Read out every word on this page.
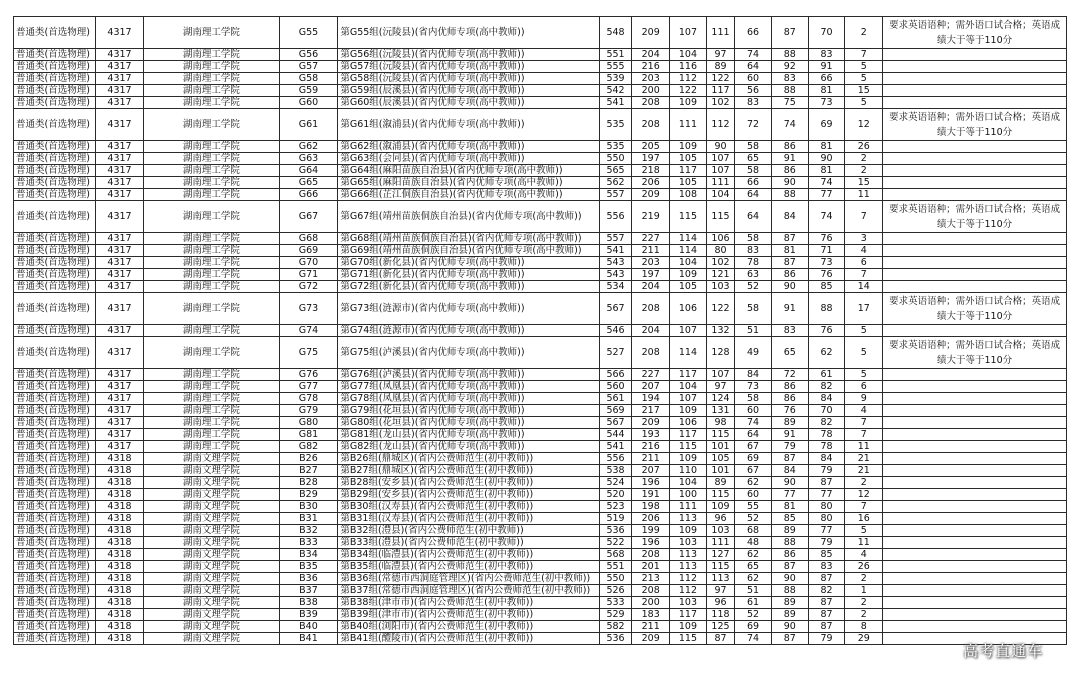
普通类(首选物理)	4317	湖南理工学院	G55	第G55组(沅陵县)(省内优师专项(高中教师))	548	209	107	111	66	87	70	2	要求英语语种；需外语口试合格；英语成绩大于等于110分
普通类(首选物理)	4317	湖南理工学院	G56	第G56组(沅陵县)(省内优师专项(高中教师))	551	204	104	97	74	88	83	7	
普通类(首选物理)	4317	湖南理工学院	G57	第G57组(沅陵县)(省内优师专项(高中教师))	555	216	116	89	64	92	91	5	
普通类(首选物理)	4317	湖南理工学院	G58	第G58组(沅陵县)(省内优师专项(高中教师))	539	203	112	122	60	83	66	5	
普通类(首选物理)	4317	湖南理工学院	G59	第G59组(辰溪县)(省内优师专项(高中教师))	542	200	122	117	56	88	81	15	
普通类(首选物理)	4317	湖南理工学院	G60	第G60组(辰溪县)(省内优师专项(高中教师))	541	208	109	102	83	75	73	5	
普通类(首选物理)	4317	湖南理工学院	G61	第G61组(溆浦县)(省内优师专项(高中教师))	535	208	111	112	72	74	69	12	要求英语语种；需外语口试合格；英语成绩大于等于110分
普通类(首选物理)	4317	湖南理工学院	G62	第G62组(溆浦县)(省内优师专项(高中教师))	535	205	109	90	58	86	81	26	
普通类(首选物理)	4317	湖南理工学院	G63	第G63组(会同县)(省内优师专项(高中教师))	550	197	105	107	65	91	90	2	
普通类(首选物理)	4317	湖南理工学院	G64	第G64组(麻阳苗族自治县)(省内优师专项(高中教师))	565	218	117	107	58	86	81	2	
普通类(首选物理)	4317	湖南理工学院	G65	第G65组(麻阳苗族自治县)(省内优师专项(高中教师))	562	206	105	111	66	90	74	15	
普通类(首选物理)	4317	湖南理工学院	G66	第G66组(芷江侗族自治县)(省内优师专项(高中教师))	557	209	108	104	64	88	77	11	
普通类(首选物理)	4317	湖南理工学院	G67	第G67组(靖州苗族侗族自治县)(省内优师专项(高中教师))	556	219	115	115	64	84	74	7	要求英语语种；需外语口试合格；英语成绩大于等于110分
普通类(首选物理)	4317	湖南理工学院	G68	第G68组(靖州苗族侗族自治县)(省内优师专项(高中教师))	557	227	114	106	58	87	76	3	
普通类(首选物理)	4317	湖南理工学院	G69	第G69组(靖州苗族侗族自治县)(省内优师专项(高中教师))	541	211	114	80	83	81	71	4	
普通类(首选物理)	4317	湖南理工学院	G70	第G70组(新化县)(省内优师专项(高中教师))	543	203	104	102	78	87	73	6	
普通类(首选物理)	4317	湖南理工学院	G71	第G71组(新化县)(省内优师专项(高中教师))	543	197	109	121	63	86	76	7	
普通类(首选物理)	4317	湖南理工学院	G72	第G72组(新化县)(省内优师专项(高中教师))	534	204	105	103	52	90	85	14	
普通类(首选物理)	4317	湖南理工学院	G73	第G73组(涟源市)(省内优师专项(高中教师))	567	208	106	122	58	91	88	17	要求英语语种；需外语口试合格；英语成绩大于等于110分
普通类(首选物理)	4317	湖南理工学院	G74	第G74组(涟源市)(省内优师专项(高中教师))	546	204	107	132	51	83	76	5	
普通类(首选物理)	4317	湖南理工学院	G75	第G75组(泸溪县)(省内优师专项(高中教师))	527	208	114	128	49	65	62	5	要求英语语种；需外语口试合格；英语成绩大于等于110分
普通类(首选物理)	4317	湖南理工学院	G76	第G76组(泸溪县)(省内优师专项(高中教师))	566	227	117	107	84	72	61	5	
普通类(首选物理)	4317	湖南理工学院	G77	第G77组(凤凰县)(省内优师专项(高中教师))	560	207	104	97	73	86	82	6	
普通类(首选物理)	4317	湖南理工学院	G78	第G78组(凤凰县)(省内优师专项(高中教师))	561	194	107	124	58	86	84	9	
普通类(首选物理)	4317	湖南理工学院	G79	第G79组(花垣县)(省内优师专项(高中教师))	569	217	109	131	60	76	70	4	
普通类(首选物理)	4317	湖南理工学院	G80	第G80组(花垣县)(省内优师专项(高中教师))	567	209	106	98	74	89	82	7	
普通类(首选物理)	4317	湖南理工学院	G81	第G81组(龙山县)(省内优师专项(高中教师))	544	193	117	115	64	91	78	7	
普通类(首选物理)	4317	湖南理工学院	G82	第G82组(龙山县)(省内优师专项(高中教师))	541	216	115	101	67	79	78	11	
普通类(首选物理)	4318	湖南文理学院	B26	第B26组(鼎城区)(省内公费师范生(初中教师))	556	211	109	105	69	87	84	21	
普通类(首选物理)	4318	湖南文理学院	B27	第B27组(鼎城区)(省内公费师范生(初中教师))	538	207	110	101	67	84	79	21	
普通类(首选物理)	4318	湖南文理学院	B28	第B28组(安乡县)(省内公费师范生(初中教师))	524	196	104	89	62	90	87	2	
普通类(首选物理)	4318	湖南文理学院	B29	第B29组(安乡县)(省内公费师范生(初中教师))	520	191	100	115	60	77	77	12	
普通类(首选物理)	4318	湖南文理学院	B30	第B30组(汉寿县)(省内公费师范生(初中教师))	523	198	111	109	55	81	80	7	
普通类(首选物理)	4318	湖南文理学院	B31	第B31组(汉寿县)(省内公费师范生(初中教师))	519	206	113	96	52	85	80	16	
普通类(首选物理)	4318	湖南文理学院	B32	第B32组(澧县)(省内公费师范生(初中教师))	536	199	109	103	68	89	77	5	
普通类(首选物理)	4318	湖南文理学院	B33	第B33组(澧县)(省内公费师范生(初中教师))	522	196	103	111	48	88	79	11	
普通类(首选物理)	4318	湖南文理学院	B34	第B34组(临澧县)(省内公费师范生(初中教师))	568	208	113	127	62	86	85	4	
普通类(首选物理)	4318	湖南文理学院	B35	第B35组(临澧县)(省内公费师范生(初中教师))	551	201	113	115	65	87	83	26	
普通类(首选物理)	4318	湖南文理学院	B36	第B36组(常德市西洞庭管理区)(省内公费师范生(初中教师))	550	213	112	113	62	90	87	2	
普通类(首选物理)	4318	湖南文理学院	B37	第B37组(常德市西洞庭管理区)(省内公费师范生(初中教师))	526	208	112	97	51	88	82	1	
普通类(首选物理)	4318	湖南文理学院	B38	第B38组(津市市)(省内公费师范生(初中教师))	533	200	103	96	61	89	87	2	
普通类(首选物理)	4318	湖南文理学院	B39	第B39组(津市市)(省内公费师范生(初中教师))	529	183	117	118	52	89	87	2	
普通类(首选物理)	4318	湖南文理学院	B40	第B40组(浏阳市)(省内公费师范生(初中教师))	582	211	109	125	69	90	87	8	
普通类(首选物理)	4318	湖南文理学院	B41	第B41组(醴陵市)(省内公费师范生(初中教师))	536	209	115	87	74	87	79	29	
高考直通车
